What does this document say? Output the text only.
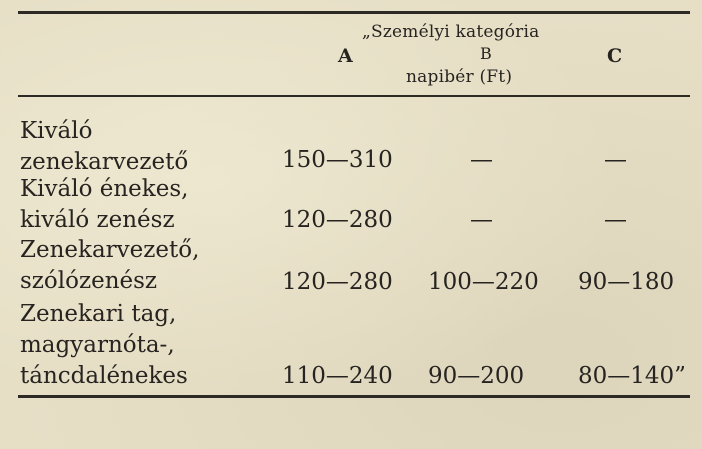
„Személyi kategória
A	B	C
napibér (Ft)
Kiváló
zenekarvezető	150—310	—	—
Kiváló énekes,
kiváló zenész	120—280	—	—
Zenekarvezető,
szólózenész	120—280 100—220 90—180
Zenekari tag,
magyarnóta-,
táncdalénekes	110—240 90—200 80—140”
